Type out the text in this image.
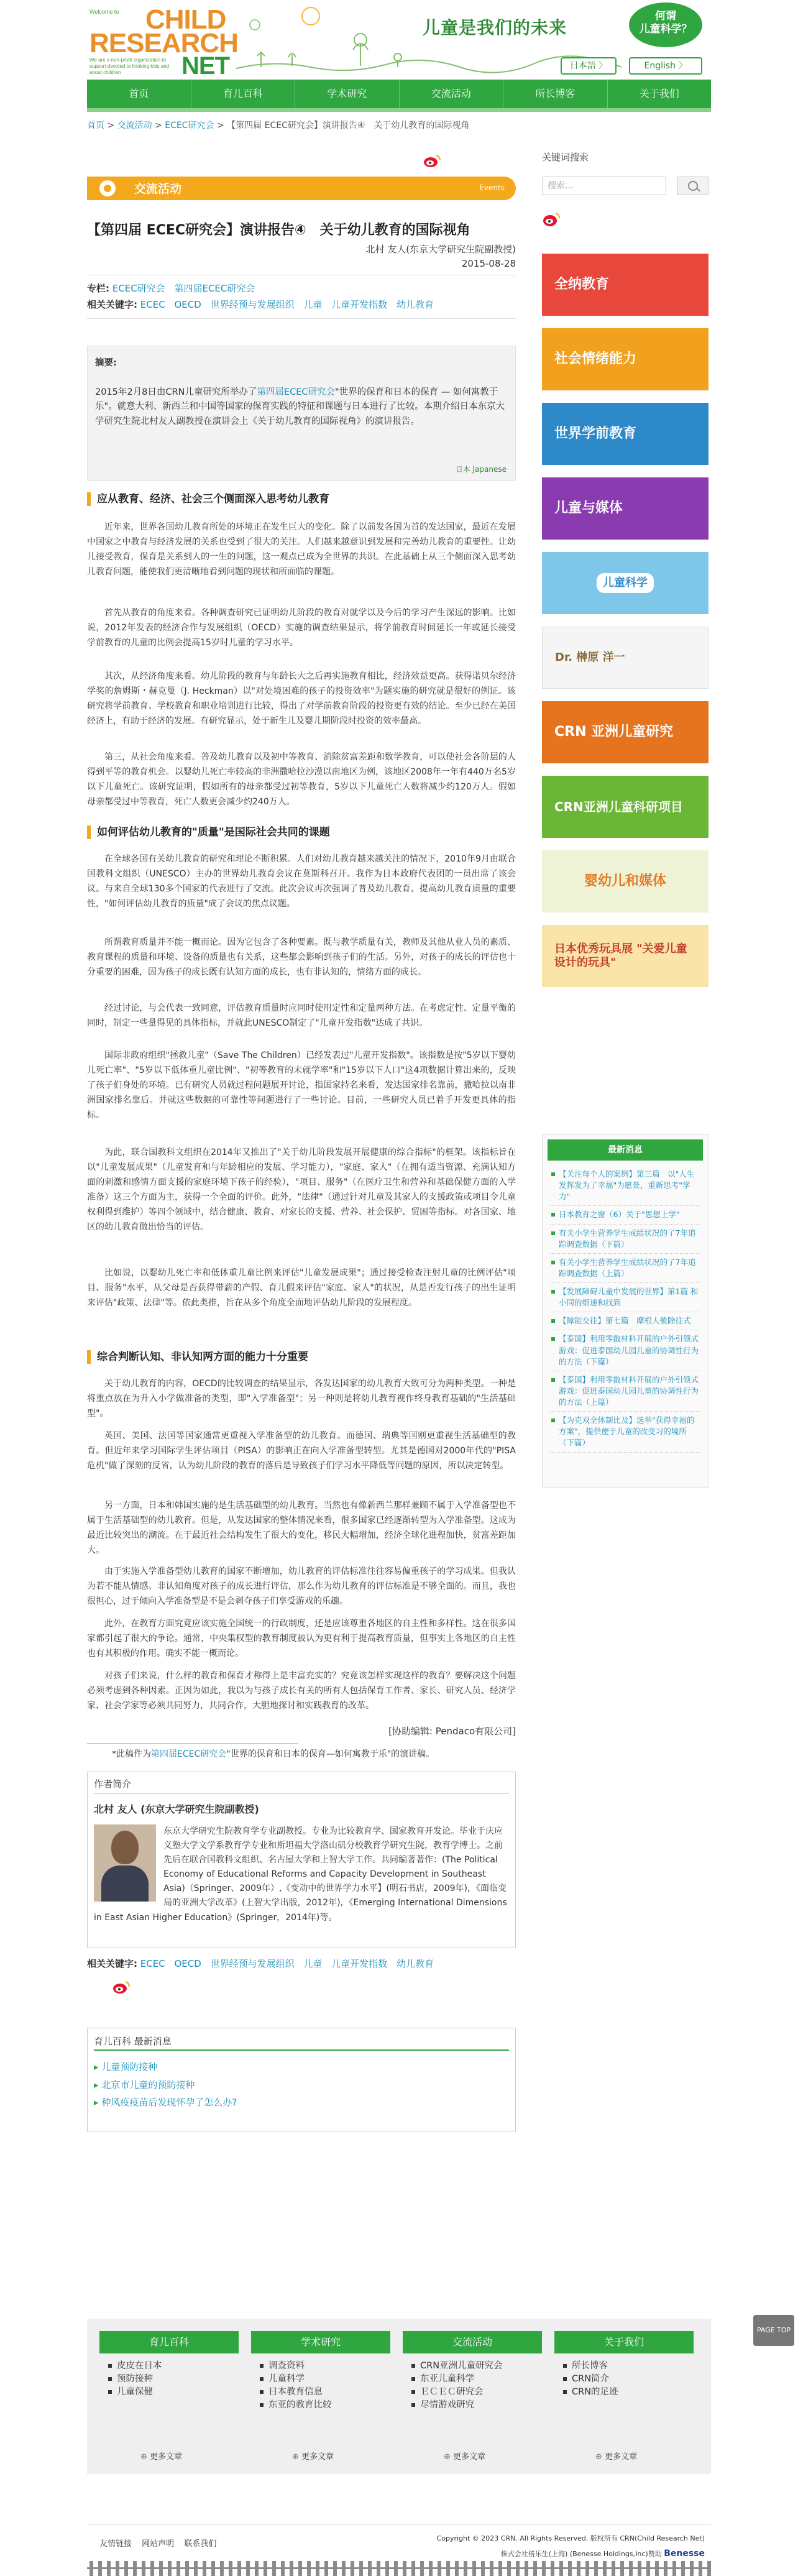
Welcome to CHILD
RESEARCH
We are a non-profit organization to support devoted to thinking kids and about children	NET
儿童是我们的未来
何谓
儿童科学？
日本語 〉	English 〉
首页	育儿百科	学术研究	交流活动	所长博客	关于我们
首页 > 交流活动 > ECEC研究会 > 【第四届 ECEC研究会】演讲报告④　关于幼儿教育的国际视角
交流活动	Events
【第四届 ECEC研究会】演讲报告④　关于幼儿教育的国际视角
北村 友人(东京大学研究生院副教授)
2015-08-28
专栏: ECEC研究会 第四届ECEC研究会
相关关键字: ECEC OECD 世界经预与发展组织 儿童 儿童开发指数 幼儿教育
摘要:
2015年2月8日由CRN儿童研究所举办了第四届ECEC研究会"世界的保育和日本的保育 — 如何寓教于乐"。就意大利、新西兰和中国等国家的保育实践的特征和课题与日本进行了比较。本期介绍日本东京大学研究生院北村友人副教授在演讲会上《关于幼儿教育的国际视角》的演讲报告。
日本 Japanese
应从教育、经济、社会三个侧面深入思考幼儿教育
近年来，世界各国幼儿教育所处的环境正在发生巨大的变化。除了以前发各国为首的发达国家，最近在发展中国家之中教育与经济发展的关系也受到了很大的关注。人们越来越意识到发展和完善幼儿教育的重要性。让幼儿接受教育，保育是关系到人的一生的问题，这一观点已成为全世界的共识。在此基础上从三个侧面深入思考幼儿教育问题，能使我们更清晰地看到问题的现状和所面临的课题。
首先从教育的角度来看。各种调查研究已证明幼儿阶段的教育对就学以及今后的学习产生深远的影响。比如说，2012年发表的经济合作与发展组织（OECD）实施的调查结果显示，将学前教育时间延长一年或延长接受学前教育的儿童的比例会提高15岁时儿童的学习水平。
其次，从经济角度来看。幼儿阶段的教育与年龄长大之后再实施教育相比，经济效益更高。获得诺贝尔经济学奖的詹姆斯・赫克曼（J. Heckman）以"对处境困难的孩子的投资效率"为题实施的研究就是很好的例证。该研究将学前教育、学校教育和职业培训进行比较，得出了对学前教育阶段的投资更有效的结论。至少已经在美国经济上，有助于经济的发展。有研究显示，处于新生儿及婴儿期阶段时投资的效率最高。
第三，从社会角度来看。普及幼儿教育以及初中等教育、消除贫富差距和数学教育，可以使社会各阶层的人得到平等的教育机会。以婴幼儿死亡率较高的非洲撒哈拉沙漠以南地区为例，该地区2008年一年有440万名5岁以下儿童死亡。该研究证明，假如所有的母亲都受过初等教育，5岁以下儿童死亡人数将减少约120万人。假如母亲都受过中等教育，死亡人数更会减少约240万人。
如何评估幼儿教育的"质量"是国际社会共同的课题
在全球各国有关幼儿教育的研究和理论不断积累。人们对幼儿教育越来越关注的情况下，2010年9月由联合国教科文组织（UNESCO）主办的世界幼儿教育会议在莫斯科召开。我作为日本政府代表团的一员出席了该会议。与来自全球130多个国家的代表进行了交流。此次会议再次强调了普及幼儿教育、提高幼儿教育质量的重要性，"如何评估幼儿教育的质量"成了会议的焦点议题。
所谓教育质量并不能一概而论。因为它包含了各种要素。既与教学质量有关，教师及其他从业人员的素质、教育课程的质量和环境、设备的质量也有关系，这些都会影响到孩子们的生活。另外，对孩子的成长的评估也十分重要的困难，因为孩子的成长既有认知方面的成长，也有非认知的，情绪方面的成长。
经过讨论，与会代表一致同意，评估教育质量时应同时使用定性和定量两种方法。在考虑定性、定量平衡的同时，制定一些量得见的具体指标，并就此UNESCO制定了"儿童开发指数"达成了共识。
国际非政府组织"拯救儿童"（Save The Children）已经发表过"儿童开发指数"。该指数是按"5岁以下婴幼儿死亡率"、"5岁以下低体重儿童比例"、"初等教育的未就学率"和"15岁以下人口"这4项数据计算出来的，反映了孩子们身处的环境。已有研究人员就过程问题展开讨论，指国家持名来看，发达国家排名靠前，撒哈拉以南非洲国家排名靠后。并就这些数据的可靠性等问题进行了一些讨论。目前，一些研究人员已着手开发更具体的指标。
为此，联合国教科文组织在2014年又推出了"关于幼儿阶段发展开展健康的综合指标"的框架。该指标旨在以"儿童发展成果"（儿童发育和与年龄相应的发展、学习能力），"家庭、家人"（在拥有适当资源、充满认知方面的刺激和感情方面支援的家庭环境下孩子的经验），"项目、服务"（在医疗卫生和营养和基础保健方面的入学准备）这三个方面为主，获得一个全面的评价。此外，"法律"（通过针对儿童及其家人的支援政策或项目令儿童权利得到维护）等四个领域中，结合健康、教育、对家长的支援、营养、社会保护、贸困等指标。对各国家、地区的幼儿教育做出恰当的评估。
比如说，以婴幼儿死亡率和低体重儿童比例来评估"儿童发展成果"；通过接受检查注射儿童的比例评估"项目、服务"水平，从父母是否获得带薪的产假、育儿假来评估"家庭、家人"的状况，从是否发行孩子的出生证明来评估"政策、法律"等。依此类推，旨在从多个角度全面地评估幼儿阶段的发展程度。
综合判断认知、非认知两方面的能力十分重要
关于幼儿教育的内容，OECD的比较调查的结果显示，各发达国家的幼儿教育大致可分为两种类型。一种是将重点放在为升入小学做准备的类型，即"入学准备型"；另一种则是将幼儿教育视作终身教育基础的"生活基础型"。
英国、美国、法国等国家通常更重视入学准备型的幼儿教育。而德国、瑞典等国则更重视生活基础型的教育。但近年来学习国际学生评估项目（PISA）的影响正在向入学准备型转型。尤其是德国对2000年代的"PISA危机"做了深刻的反省，认为幼儿阶段的教育的落后是导致孩子们学习水平降低等问题的原因，所以决定转型。
另一方面，日本和韩国实施的是生活基础型的幼儿教育。当然也有像新西兰那样兼顾不属于入学准备型也不属于生活基础型的幼儿教育。但是，从发达国家的整体情况来看，很多国家已经逐渐转型为入学准备型。这成为最近比较突出的潮流。在于最近社会结构发生了很大的变化，移民大幅增加，经济全球化进程加快，贫富差距加大。
由于实施入学准备型幼儿教育的国家不断增加，幼儿教育的评估标准往往容易偏重孩子的学习成果。但我认为若不能从情感、非认知角度对孩子的成长进行评估，那么作为幼儿教育的评估标准是不够全面的。而且，我也很担心，过于倾向入学准备型是不是会剥夺孩子们享受游戏的乐趣。
此外，在教育方面究竟应该实施全国统一的行政制度，还是应该尊重各地区的自主性和多样性。这在很多国家都引起了很大的争论。通常，中央集权型的教育制度被认为更有利于提高教育质量，但事实上各地区的自主性也有其积极的作用。确实不能一概而论。
对孩子们来说，什么样的教育和保育才称得上是丰富充实的？究竟该怎样实现这样的教育？要解决这个问题必须考虑到各种因素。正因为如此，我以为与孩子成长有关的所有人包括保育工作者、家长、研究人员、经济学家、社会学家等必须共同努力，共同合作，大胆地探讨和实践教育的改革。
[协助编辑: Pendaco有限公司]
*此稿件为第四届ECEC研究会"世界的保育和日本的保育—如何寓教于乐"的演讲稿。
作者简介
北村 友人 (东京大学研究生院副教授)
东京大学研究生院教育学专业副教授。专业为比较教育学、国家教育开发论。毕业于庆应义塾大学文学系教育学专业和斯坦福大学洛山矶分校教育学研究生院，教育学博士。之前先后在联合国教科文组织、名古屋大学和上智大学工作。共同编著著作：(The Political Economy of Educational Reforms and Capacity Development in Southeast Asia)（Springer、2009年）,《变动中的世界学力水平】(明石书店，2009年)，《面临变局的亚洲大学改革》(上智大学出版，2012年)，《Emerging International Dimensions in East Asian Higher Education》(Springer，2014年)等。
相关关键字: ECEC OECD 世界经预与发展组织 儿童 儿童开发指数 幼儿教育
育儿百科 最新消息
▸ 儿童预防接种
▸ 北京市儿童的预防接种
▸ 种风疫疫苗后发现怀孕了怎么办?
关键词搜索
搜索...
全纳教育
社会情绪能力
世界学前教育
儿童与媒体
儿童科学
Dr. 榊原 洋一
CRN 亚洲儿童研究
CRN亚洲儿童科研项目
婴幼儿和媒体
日本优秀玩具展 "关爱儿童设计的玩具"
最新消息
【关注每个人的案例】第三篇　以"人生发挥发为了幸福"为愿景，重新思考"学力"
日本教育之窗（6）关于"思想上学"
有关小学生营养学生成绩状况的了7年追踪调查数据（下篇）
有关小学生营养学生成绩状况的了7年追踪调查数据（上篇）
【发展障碍儿童中发展的世界】第1篇 和小同的细速和找到
【障能交往】第七篇　摩根人敬除往式
【泰国】利用零散材料开展的户外引领式游戏：促进泰国幼儿园儿童的协调性行为的方法（下篇）
【泰国】利用零散材料开展的户外引领式游戏：促进泰国幼儿园儿童的协调性行为的方法（上篇）
【为克双全体制比及】选举"获得幸福的方案"，提供便于儿童的改变习的境所（下篇）
育儿百科
皮皮在日本
预防接种
儿童保健
⊕ 更多文章
学术研究
调查资料
儿童科学
日本教育信息
东亚的教育比较
⊕ 更多文章
交流活动
CRN亚洲儿童研究会
东亚儿童科学
ＥＣＥＣ研究会
尽情游戏研究
⊕ 更多文章
关于我们
所长博客
CRN简介
CRN的足迹
⊕ 更多文章
PAGE TOP
友情链接 网站声明 联系我们
Copyright © 2023 CRN. All Rights Reserved. 版权所有 CRN(Child Research Net)
株式会社倍乐生(上海) (Benesse Holdings,Inc)赞助 Benesse
